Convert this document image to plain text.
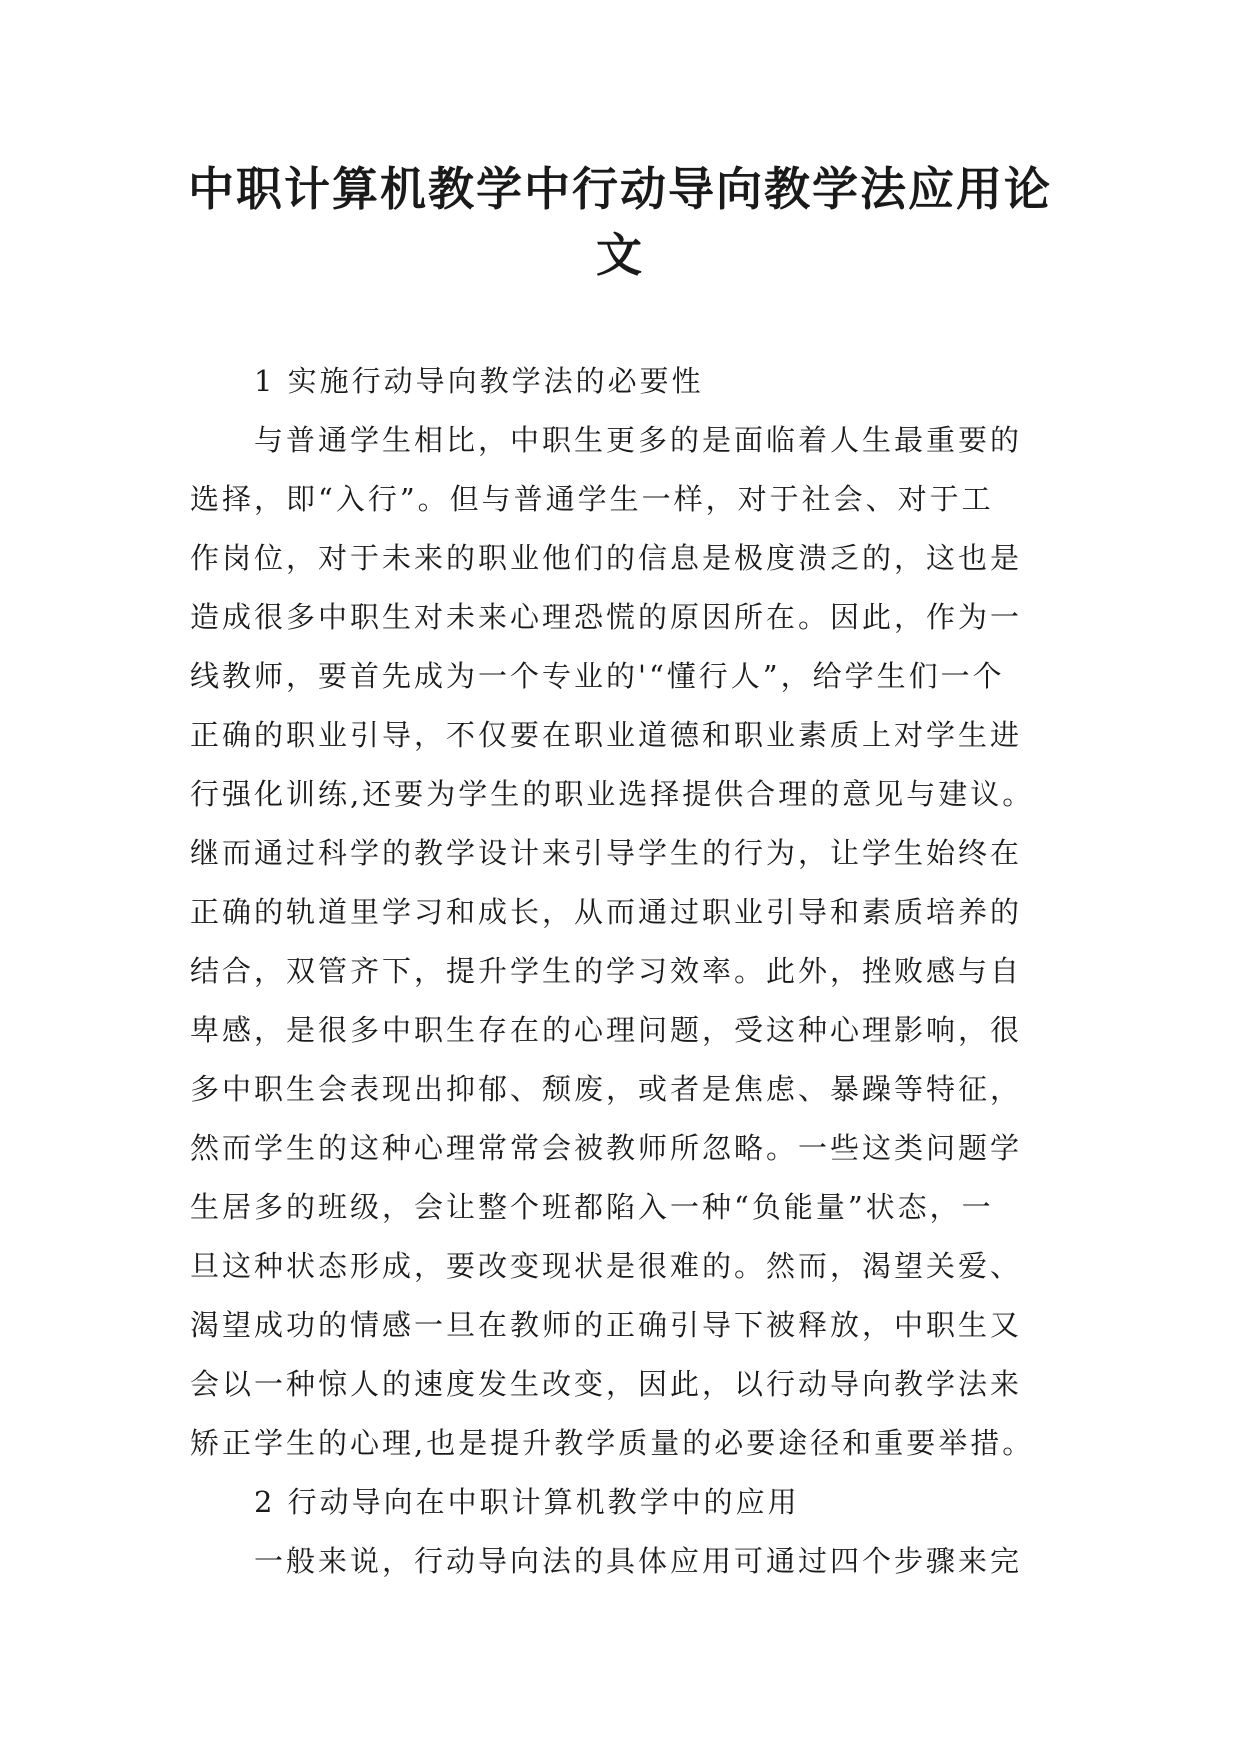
中职计算机教学中行动导向教学法应用论
文
1 实施行动导向教学法的必要性
与普通学生相比，中职生更多的是面临着人生最重要的
选择，即“入行”。但与普通学生一样，对于社会、对于工
作岗位，对于未来的职业他们的信息是极度溃乏的，这也是
造成很多中职生对未来心理恐慌的原因所在。因此，作为一
线教师，要首先成为一个专业的'“懂行人”，给学生们一个
正确的职业引导，不仅要在职业道德和职业素质上对学生进
行强化训练,还要为学生的职业选择提供合理的意见与建议。
继而通过科学的教学设计来引导学生的行为，让学生始终在
正确的轨道里学习和成长，从而通过职业引导和素质培养的
结合，双管齐下，提升学生的学习效率。此外，挫败感与自
卑感，是很多中职生存在的心理问题，受这种心理影响，很
多中职生会表现出抑郁、颓废，或者是焦虑、暴躁等特征，
然而学生的这种心理常常会被教师所忽略。一些这类问题学
生居多的班级，会让整个班都陷入一种“负能量”状态，一
旦这种状态形成，要改变现状是很难的。然而，渴望关爱、
渴望成功的情感一旦在教师的正确引导下被释放，中职生又
会以一种惊人的速度发生改变，因此，以行动导向教学法来
矫正学生的心理,也是提升教学质量的必要途径和重要举措。
2 行动导向在中职计算机教学中的应用
一般来说，行动导向法的具体应用可通过四个步骤来完
